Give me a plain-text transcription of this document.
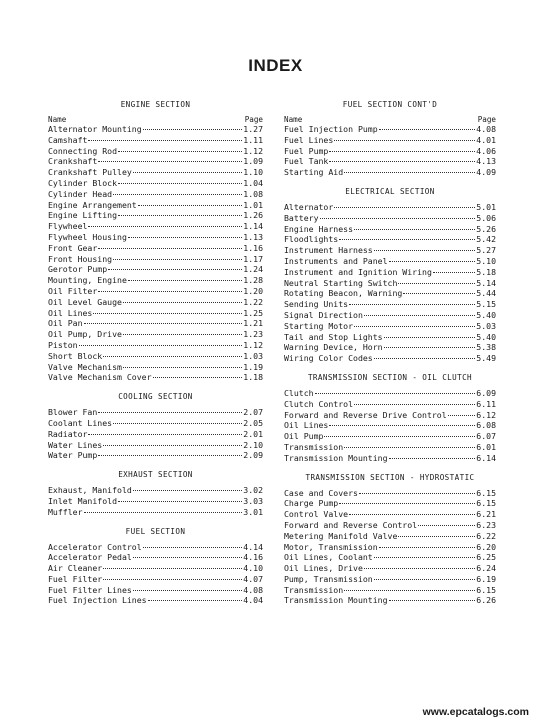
INDEX
ENGINE SECTION
Name	Page
Alternator Mounting	1.27
Camshaft	1.11
Connecting Rod	1.12
Crankshaft	1.09
Crankshaft Pulley	1.10
Cylinder Block	1.04
Cylinder Head	1.08
Engine Arrangement	1.01
Engine Lifting	1.26
Flywheel	1.14
Flywheel Housing	1.13
Front Gear	1.16
Front Housing	1.17
Gerotor Pump	1.24
Mounting, Engine	1.28
Oil Filter	1.20
Oil Level Gauge	1.22
Oil Lines	1.25
Oil Pan	1.21
Oil Pump, Drive	1.23
Piston	1.12
Short Block	1.03
Valve Mechanism	1.19
Valve Mechanism Cover	1.18
COOLING SECTION
Blower Fan	2.07
Coolant Lines	2.05
Radiator	2.01
Water Lines	2.10
Water Pump	2.09
EXHAUST SECTION
Exhaust, Manifold	3.02
Inlet Manifold	3.03
Muffler	3.01
FUEL SECTION
Accelerator Control	4.14
Accelerator Pedal	4.16
Air Cleaner	4.10
Fuel Filter	4.07
Fuel Filter Lines	4.08
Fuel Injection Lines	4.04
FUEL SECTION CONT'D
Name	Page
Fuel Injection Pump	4.08
Fuel Lines	4.01
Fuel Pump	4.06
Fuel Tank	4.13
Starting Aid	4.09
ELECTRICAL SECTION
Alternator	5.01
Battery	5.06
Engine Harness	5.26
Floodlights	5.42
Instrument Harness	5.27
Instruments and Panel	5.10
Instrument and Ignition Wiring	5.18
Neutral Starting Switch	5.14
Rotating Beacon, Warning	5.44
Sending Units	5.15
Signal Direction	5.40
Starting Motor	5.03
Tail and Stop Lights	5.40
Warning Device, Horn	5.38
Wiring Color Codes	5.49
TRANSMISSION SECTION - OIL CLUTCH
Clutch	6.09
Clutch Control	6.11
Forward and Reverse Drive Control	6.12
Oil Lines	6.08
Oil Pump	6.07
Transmission	6.01
Transmission Mounting	6.14
TRANSMISSION SECTION - HYDROSTATIC
Case and Covers	6.15
Charge Pump	6.15
Control Valve	6.21
Forward and Reverse Control	6.23
Metering Manifold Valve	6.22
Motor, Transmission	6.20
Oil Lines, Coolant	6.25
Oil Lines, Drive	6.24
Pump, Transmission	6.19
Transmission	6.15
Transmission Mounting	6.26
www.epcatalogs.com
